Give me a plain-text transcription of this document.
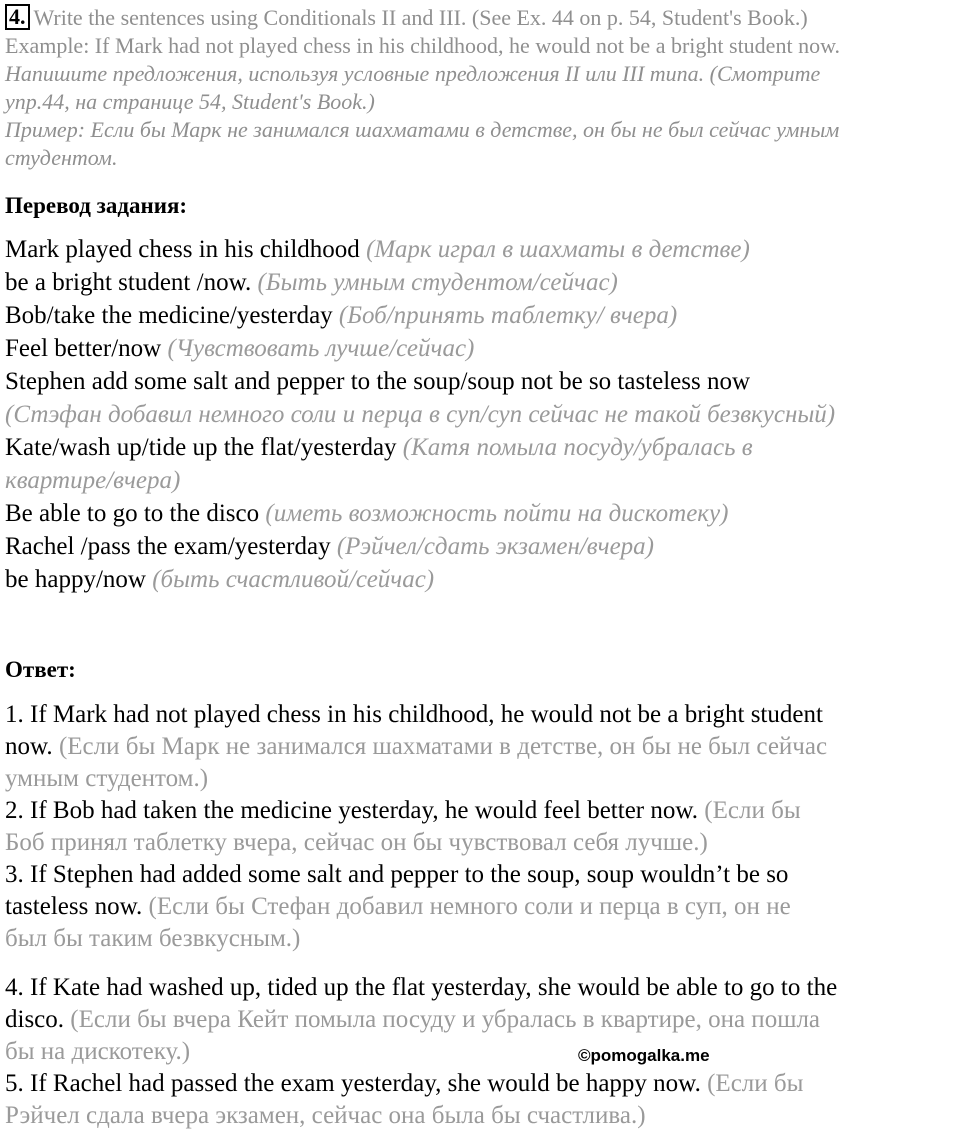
4. Write the sentences using Conditionals II and III. (See Ex. 44 on p. 54, Student's Book.)
Example: If Mark had not played chess in his childhood, he would not be a bright student now.
Напишите предложения, используя условные предложения II или III типа. (Смотрите
упр.44, на странице 54, Student's Book.)
Пример: Если бы Марк не занимался шахматами в детстве, он бы не был сейчас умным
студентом.
Перевод задания:
Mark played chess in his childhood (Марк играл в шахматы в детстве)
be a bright student /now. (Быть умным студентом/сейчас)
Bob/take the medicine/yesterday (Боб/принять таблетку/ вчера)
Feel better/now (Чувствовать лучше/сейчас)
Stephen add some salt and pepper to the soup/soup not be so tasteless now
(Стэфан добавил немного соли и перца в суп/суп сейчас не такой безвкусный)
Kate/wash up/tide up the flat/yesterday (Катя помыла посуду/убралась в
квартире/вчера)
Be able to go to the disco (иметь возможность пойти на дискотеку)
Rachel /pass the exam/yesterday (Рэйчел/сдать экзамен/вчера)
be happy/now (быть счастливой/сейчас)
Ответ:
1. If Mark had not played chess in his childhood, he would not be a bright student
now. (Если бы Марк не занимался шахматами в детстве, он бы не был сейчас
умным студентом.)
2. If Bob had taken the medicine yesterday, he would feel better now. (Если бы
Боб принял таблетку вчера, сейчас он бы чувствовал себя лучше.)
3. If Stephen had added some salt and pepper to the soup, soup wouldn’t be so
tasteless now. (Если бы Стефан добавил немного соли и перца в суп, он не
был бы таким безвкусным.)
4. If Kate had washed up, tided up the flat yesterday, she would be able to go to the
disco. (Если бы вчера Кейт помыла посуду и убралась в квартире, она пошла
бы на дискотеку.)
5. If Rachel had passed the exam yesterday, she would be happy now. (Если бы
Рэйчел сдала вчера экзамен, сейчас она была бы счастлива.)
©pomogalka.me
